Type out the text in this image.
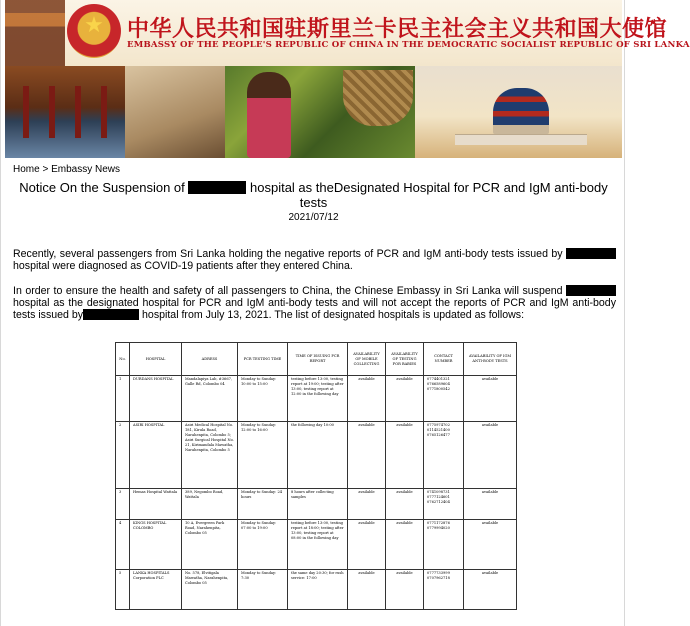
★
中华人民共和国驻斯里兰卡民主社会主义共和国大使馆
EMBASSY OF THE PEOPLE'S REPUBLIC OF CHINA IN THE DEMOCRATIC SOCIALIST REPUBLIC OF SRI LANKA
Home > Embassy News
Notice On the Suspension of	hospital as theDesignated Hospital for PCR and IgM anti-body tests
2021/07/12
Recently, several passengers from Sri Lanka holding the negative reports of PCR and IgM anti-body tests issued by  hospital were diagnosed as COVID-19 patients after they entered China.
In order to ensure the health and safety of all passengers to China, the Chinese Embassy in Sri Lanka will suspend  hospital as the designated hospital for PCR and IgM anti-body tests and will not accept the reports of PCR and IgM anti-body tests issued by	hospital from July 13, 2021. The list of designated hospitals is updated as follows:
No.	HOSPITAL	ADRESS	PCR TESTING TIME	TIME OF ISSUING PCR REPORT	AVAILABILITY OF MOBILE COLLECTING	AVAILABILITY OF TESTING FOR BABIES	CONTACT NUMBER	AVAILABILITY OF IGM ANTI-BODY TESTS
1	DURDANS HOSPITAL	Mandalapiya Lab, #3667, Galle Rd, Colombo 04	Monday to Sunday: 10:00 to 15:00	testing before 13:00, testing report at 19:00; testing after 13:00, testing report at 12:00 in the following day	available	available	0774401321 0766589604 0771800542	available
2	ASIRI HOSPITAL	Asiri Medical Hospital No. 181, Kirula Road, Narahenpita, Colombo 5; Asiri Surgical Hospital No. 21, Kirimandala Mawatha, Narahenpita, Colombo 5	Monday to Sunday: 12:00 to 16:00	the following day 10:00	available	available	0775974702 0114521400 0765126477	available
3	Hemas Hospital Wattala	389, Negombo Road, Wattala	Monday to Sunday: 24 hours	8 hours after collecting samples	available	available	0741098731 0777124601 0762712404	available
4	KINGS HOSPITAL COLOMBO	10 A, Evergreen Park Road, Narahenpita, Colombo 05	Monday to Sunday: 07:00 to 19:00	testing before 13:00, testing report at 18:00; testing after 13:00, testing report at 08:00 in the following day	available	available	0771172876 0779994020	available
5	LANKA HOSPITALS Corporation PLC	No. 578, Elvitigala Mawatha, Narahenpita, Colombo 05	Monday to Sunday: 7:30	the same day 20:30; for rush service: 17:00	available	available	0777733999 0707962718	available
